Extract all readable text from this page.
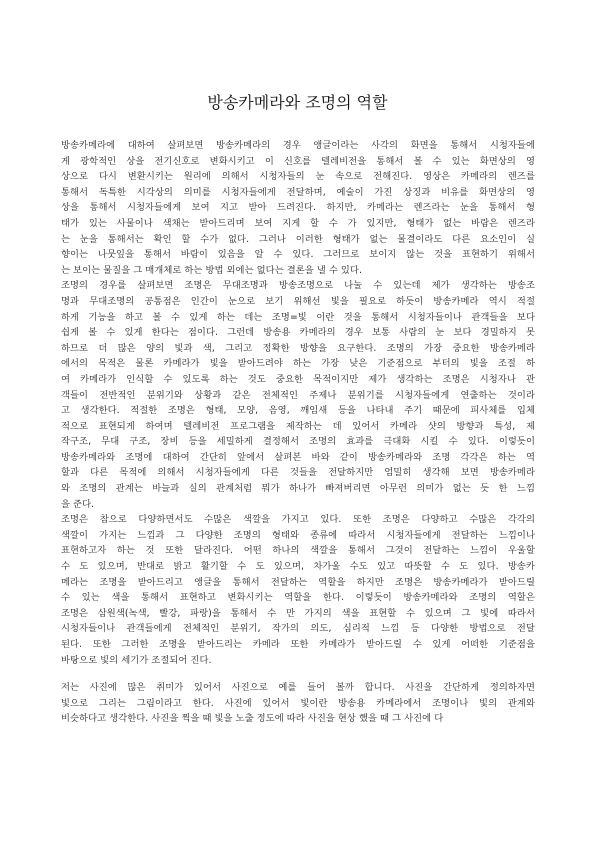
방송카메라와 조명의 역할
방송카메라에 대하여 살펴보면 방송카메라의 경우 앵글이라는 사각의 화면을 통해서 시청자들에
게 광학적인 상을 전기신호로 변화시키고 이 신호를 텔레비전을 통해서 볼 수 있는 화면상의 영
상으로 다시 변환시키는 원리에 의해서 시청자들의 눈 속으로 전해진다. 영상은 카메라의 렌즈를
통해서 독특한 시각상의 의미를 시청자들에게 전달하며, 예술이 가진 상징과 비유를 화면상의 영
상을 통해서 시청자들에게 보여 지고 받아 드려진다. 하지만, 카메라는 렌즈라는 눈을 통해서 형
태가 있는 사물이나 색채는 받아드리며 보여 지게 할 수 가 있지만, 형태가 없는 바람은 렌즈라
는 눈을 통해서는 확인 할 수가 없다. 그러나 이러한 형태가 없는 물결이라도 다른 요소인이 실
향이는 나뭇잎을 통해서 바람이 있음을 알 수 있다. 그러므로 보이지 않는 것을 표현하기 위해서
는 보이는 물질을 그 매개체로 하는 방법 외에는 없다는 결론을 낼 수 있다.
조명의 경우를 살펴보면 조명은 무대조명과 방송조명으로 나눌 수 있는데 제가 생각하는 방송조
명과 무대조명의 공통점은 인간이 눈으로 보기 위해선 빛을 필요로 하듯이 방송카메라 역시 적절
하게 기능을 하고 볼 수 있게 하는 데는 조명=빛 이란 것을 통해서 시청자들이나 관객들을 보다
쉽게 볼 수 있게 한다는 점이다. 그런데 방송용 카메라의 경우 보통 사람의 눈 보다 경밀하지 못
하므로 더 많은 양의 빛과 색, 그리고 정확한 방향을 요구한다. 조명의 가장 중요한 방송카메라
에서의 목적은 물론 카메라가 빛을 받아드려야 하는 가장 낮은 기준점으로 부터의 빛을 조절 하
여 카메라가 인식할 수 있도록 하는 것도 중요한 목적이지만 제가 생각하는 조명은 시청자나 관
객들이 전반적인 분위기와 상황과 같은 전체적인 주제나 분위기를 시청자들에게 연출하는 것이라
고 생각한다. 적절한 조명은 형태, 모양, 음영, 깨임새 등을 나타내 주기 때문에 피사체를 입체
적으로 표현되게 하여며 텔레비전 프로그램을 제작하는 데 있어서 카메라 샷의 방향과 특성, 제
작구조, 무대 구조, 장비 등을 세밀하게 결정해서 조명의 효과를 극대화 시킬 수 있다. 이렇듯이
방송카메라와 조명에 대하여 간단히 앞에서 살펴본 바와 같이 방송카메라와 조명 각각은 하는 역
할과 다른 목적에 의해서 시청자들에게 다른 것들을 전달하지만 엄밀히 생각해 보면 방송카메라
와 조명의 관계는 바늘과 실의 관계처럼 뭐가 하나가 빠져버리면 아무런 의미가 없는 듯 한 느낌
을 준다.
조명은 참으로 다양하면서도 수많은 색깔을 가지고 있다. 또한 조명은 다양하고 수많은 각각의
색깔이 가지는 느낌과 그 다양한 조명의 형태와 종류에 따라서 시청자들에게 전달하는 느낌이나
표현하고자 하는 것 또한 달라진다. 어떤 하나의 색깔을 통해서 그것이 전달하는 느낌이 우울할
수 도 있으며, 반대로 밝고 활기할 수 도 있으며, 차가울 수도 있고 따뜻할 수 도 있다. 방송카
메라는 조명을 받아드리고 앵글을 통해서 전달하는 역할을 하지만 조명은 방송카메라가 받아드릴
수 있는 색을 통해서 표현하고 변화시키는 역할을 한다. 이렇듯이 방송카메라와 조명의 역할은
조명은 삼원색(녹색, 빨강, 파랑)을 통해서 수 만 가지의 색을 표현할 수 있으며 그 빛에 따라서
시청자들이나 관객들에게 전체적인 분위기, 작가의 의도, 심리적 느낌 등 다양한 방법으로 전달
된다. 또한 그러한 조명을 받아드리는 카메라 또한 카메라가 받아드릴 수 있게 어떠한 기준점을
바탕으로 빛의 세기가 조절되어 진다.
저는 사진에 많은 취미가 있어서 사진으로 예를 들어 볼까 합니다. 사진을 간단하게 정의하자면
빛으로 그리는 그림이라고 한다. 사진에 있어서 빛이란 방송용 카메라에서 조명이나 빛의 관계와
비슷하다고 생각한다. 사진을 찍을 때 빛을 노출 정도에 따라 사진을 현상 했을 때 그 사진에 다
